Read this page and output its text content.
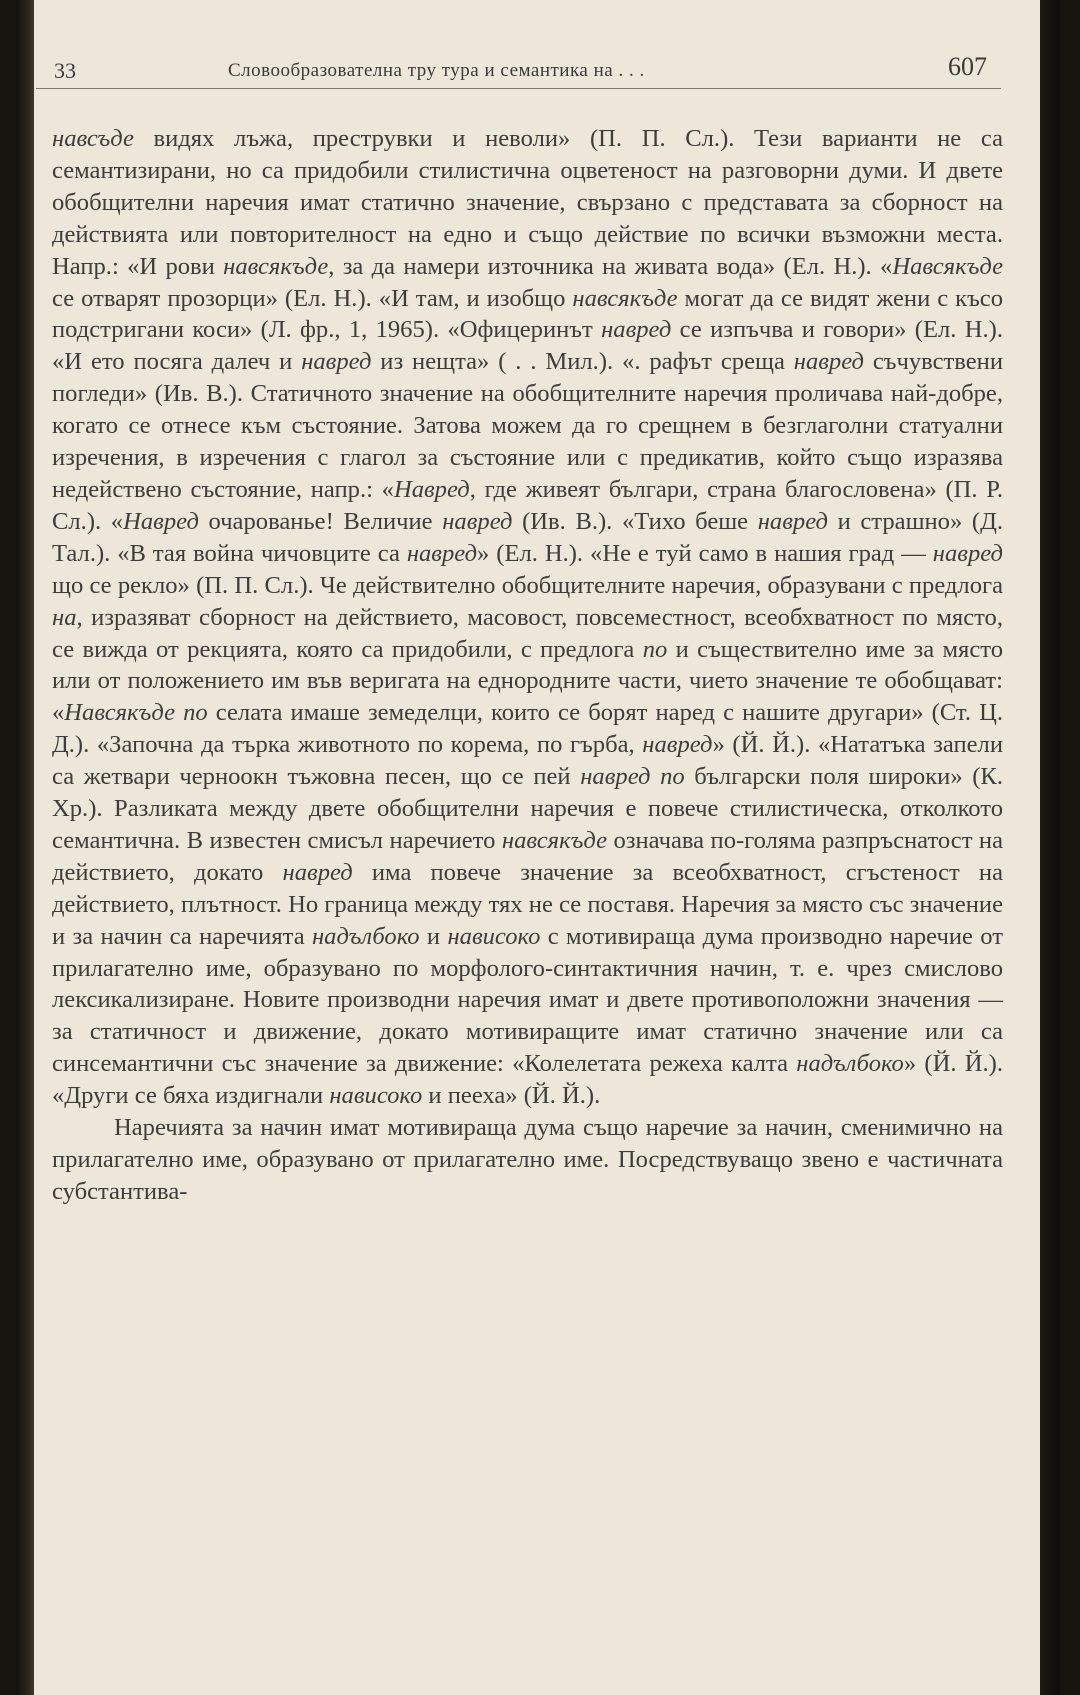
33	Словообразователна тру тура и семантика на . . .	607

навсъде видях лъжа, преструвки и неволи» (П. П. Сл.). Тези варианти не са семантизирани, но са придобили стилистична оцветеност на разговорни думи. И двете обобщителни наречия имат статично значение, свързано с представата за сборност на действията или повторителност на едно и също действие по всички възможни места. Напр.: «И рови навсякъде, за да намери източника на живата вода» (Ел. Н.). «Навсякъде се отварят прозорци» (Ел. Н.). «И там, и изобщо навсякъде могат да се видят жени с късо подстригани коси» (Л. фр., 1, 1965). «Офицеринът навред се изпъчва и говори» (Ел. Н.). «И ето посяга далеч и навред из нещта» ( . . Мил.). «. рафът среща навред съчувствени погледи» (Ив. В.). Статичното значение на обобщителните наречия проличава най-добре, когато се отнесе към състояние. Затова можем да го срещнем в безглаголни статуални изречения, в изречения с глагол за състояние или с предикатив, който също изразява недействено състояние, напр.: «Навред, где живеят българи, страна благословена» (П. Р. Сл.). «Навред очарованье! Величие навред (Ив. В.). «Тихо беше навред и страшно» (Д. Тал.). «В тая война чичовците са навред» (Ел. Н.). «Не е туй само в нашия град — навред що се рекло» (П. П. Сл.). Че действително обобщителните наречия, образувани с предлога на, изразяват сборност на действието, масовост, повсеместност, всеобхватност по място, се вижда от рекцията, която са придобили, с предлога по и съществително име за място или от положението им във веригата на еднородните части, чието значение те обобщават: «Навсякъде по селата имаше земеделци, които се борят наред с нашите другари» (Ст. Ц. Д.). «Започна да търка животното по корема, по гърба, навред» (Й. Й.). «Нататъка запели са жетвари черноокн тъжовна песен, що се пей навред по български поля широки» (К. Хр.). Разликата между двете обобщителни наречия е повече стилистическа, отколкото семантична. В известен смисъл наречието навсякъде означава по-голяма разпръснатост на действието, докато навред има повече значение за всеобхватност, сгъстеност на действието, плътност. Но граница между тях не се поставя. Наречия за място със значение и за начин са наречията надълбоко и нависоко с мотивираща дума производно наречие от прилагателно име, образувано по морфолого-синтактичния начин, т. е. чрез смислово лексикализиране. Новите производни наречия имат и двете противоположни значения — за статичност и движение, докато мотивиращите имат статично значение или са синсемантични със значение за движение: «Колелетата режеха калта надълбоко» (Й. Й.). «Други се бяха издигнали нависоко и пееха» (Й. Й.).

Наречията за начин имат мотивираща дума също наречие за начин, сменимично на прилагателно име, образувано от прилагателно име. Посредствуващо звено е частичната субстантива-
